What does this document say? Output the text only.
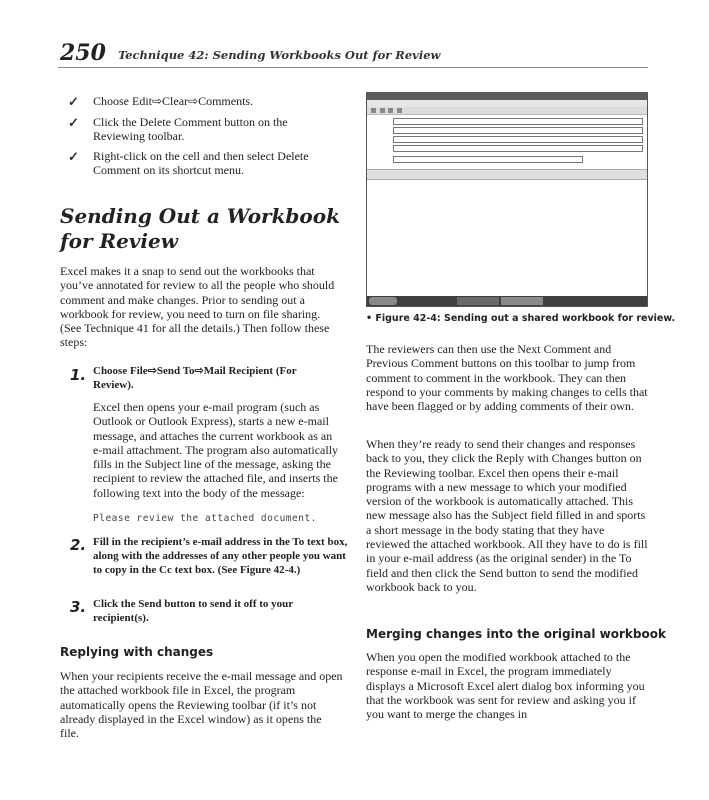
250 Technique 42: Sending Workbooks Out for Review
✓ Choose Edit⇨Clear⇨Comments.
✓ Click the Delete Comment button on the Reviewing toolbar.
✓ Right-click on the cell and then select Delete Comment on its shortcut menu.
Sending Out a Workbook
for Review
Excel makes it a snap to send out the workbooks that you’ve annotated for review to all the people who should comment and make changes. Prior to sending out a workbook for review, you need to turn on file sharing. (See Technique 41 for all the details.) Then follow these steps:
1. Choose File⇨Send To⇨Mail Recipient (For Review).
Excel then opens your e-mail program (such as Outlook or Outlook Express), starts a new e-mail message, and attaches the current workbook as an e-mail attachment. The program also automatically fills in the Subject line of the message, asking the recipient to review the attached file, and inserts the following text into the body of the message:
Please review the attached document.
2. Fill in the recipient’s e-mail address in the To text box, along with the addresses of any other people you want to copy in the Cc text box. (See Figure 42-4.)
3. Click the Send button to send it off to your recipient(s).
Replying with changes
When your recipients receive the e-mail message and open the attached workbook file in Excel, the program automatically opens the Reviewing toolbar (if it’s not already displayed in the Excel window) as it opens the file.

• Figure 42-4: Sending out a shared workbook for review.
The reviewers can then use the Next Comment and Previous Comment buttons on this toolbar to jump from comment to comment in the workbook. They can then respond to your comments by making changes to cells that have been flagged or by adding comments of their own.
When they’re ready to send their changes and responses back to you, they click the Reply with Changes button on the Reviewing toolbar. Excel then opens their e-mail programs with a new message to which your modified version of the workbook is automatically attached. This new message also has the Subject field filled in and sports a short message in the body stating that they have reviewed the attached workbook. All they have to do is fill in your e-mail address (as the original sender) in the To field and then click the Send button to send the modified workbook back to you.
Merging changes into the original workbook
When you open the modified workbook attached to the response e-mail in Excel, the program immediately displays a Microsoft Excel alert dialog box informing you that the workbook was sent for review and asking you if you want to merge the changes in
